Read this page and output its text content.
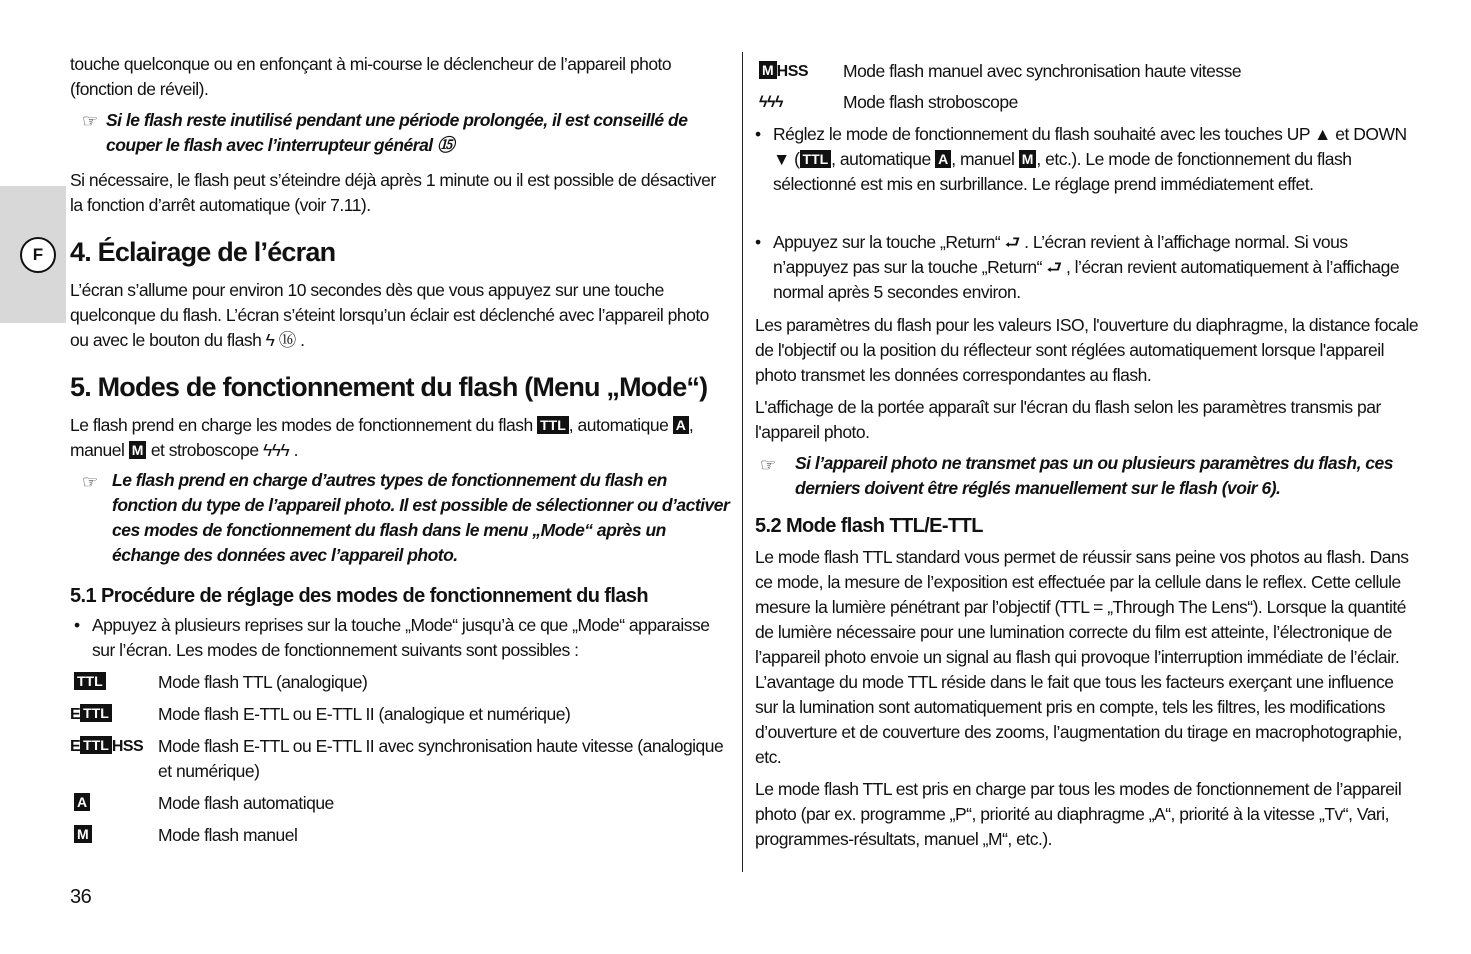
F

touche quelconque ou en enfonçant à mi-course le déclencheur de l’appareil photo (fonction de réveil).

☞ Si le flash reste inutilisé pendant une période prolongée, il est conseillé de couper le flash avec l’interrupteur général ⑮

Si nécessaire, le flash peut s’éteindre déjà après 1 minute ou il est possible de désactiver la fonction d’arrêt automatique (voir 7.11).

4. Éclairage de l’écran

L’écran s’allume pour environ 10 secondes dès que vous appuyez sur une touche quelconque du flash. L’écran s’éteint lorsqu’un éclair est déclenché avec l’appareil photo ou avec le bouton du flash ϟ ⑯ .

5. Modes de fonctionnement du flash (Menu „Mode“)

Le flash prend en charge les modes de fonctionnement du flash TTL , automatique A , manuel M et stroboscope ϟϟϟ .

☞ Le flash prend en charge d’autres types de fonctionnement du flash en fonction du type de l’appareil photo. Il est possible de sélectionner ou d’activer ces modes de fonctionnement du flash dans le menu „Mode“ après un échange des données avec l’appareil photo.

5.1 Procédure de réglage des modes de fonctionnement du flash

• Appuyez à plusieurs reprises sur la touche „Mode“ jusqu’à ce que „Mode“ apparaisse sur l’écran. Les modes de fonctionnement suivants sont possibles :

TTL	Mode flash TTL (analogique)
E TTL	Mode flash E-TTL ou E-TTL II (analogique et numérique)
E TTL HSS Mode flash E-TTL ou E-TTL II avec synchronisation haute vitesse (analogique et numérique)
A	Mode flash automatique
M	Mode flash manuel
36
M HSS Mode flash manuel avec synchronisation haute vitesse
ϟϟϟ	Mode flash stroboscope

• Réglez le mode de fonctionnement du flash souhaité avec les touches UP ▲ et DOWN ▼ ( TTL , automatique A , manuel M , etc.). Le mode de fonctionnement du flash sélectionné est mis en surbrillance. Le réglage prend immédiatement effet.

• Appuyez sur la touche „Return“ ⮐ . L’écran revient à l’affichage normal. Si vous n’appuyez pas sur la touche „Return“ ⮐ , l’écran revient automatiquement à l’affichage normal après 5 secondes environ.

Les paramètres du flash pour les valeurs ISO, l'ouverture du diaphragme, la distance focale de l'objectif ou la position du réflecteur sont réglées automatiquement lorsque l'appareil photo transmet les données correspondantes au flash.

L'affichage de la portée apparaît sur l'écran du flash selon les paramètres transmis par l'appareil photo.

☞ Si l’appareil photo ne transmet pas un ou plusieurs paramètres du flash, ces derniers doivent être réglés manuellement sur le flash (voir 6).

5.2 Mode flash TTL/E-TTL

Le mode flash TTL standard vous permet de réussir sans peine vos photos au flash. Dans ce mode, la mesure de l’exposition est effectuée par la cellule dans le reflex. Cette cellule mesure la lumière pénétrant par l’objectif (TTL = „Through The Lens“). Lorsque la quantité de lumière nécessaire pour une lumination correcte du film est atteinte, l’électronique de l’appareil photo envoie un signal au flash qui provoque l’interruption immédiate de l’éclair. L’avantage du mode TTL réside dans le fait que tous les facteurs exerçant une influence sur la lumination sont automatiquement pris en compte, tels les filtres, les modifications d’ouverture et de couverture des zooms, l’augmentation du tirage en macrophotographie, etc.

Le mode flash TTL est pris en charge par tous les modes de fonctionnement de l’appareil photo (par ex. programme „P“, priorité au diaphragme „A“, priorité à la vitesse „Tv“, Vari, programmes-résultats, manuel „M“, etc.).
